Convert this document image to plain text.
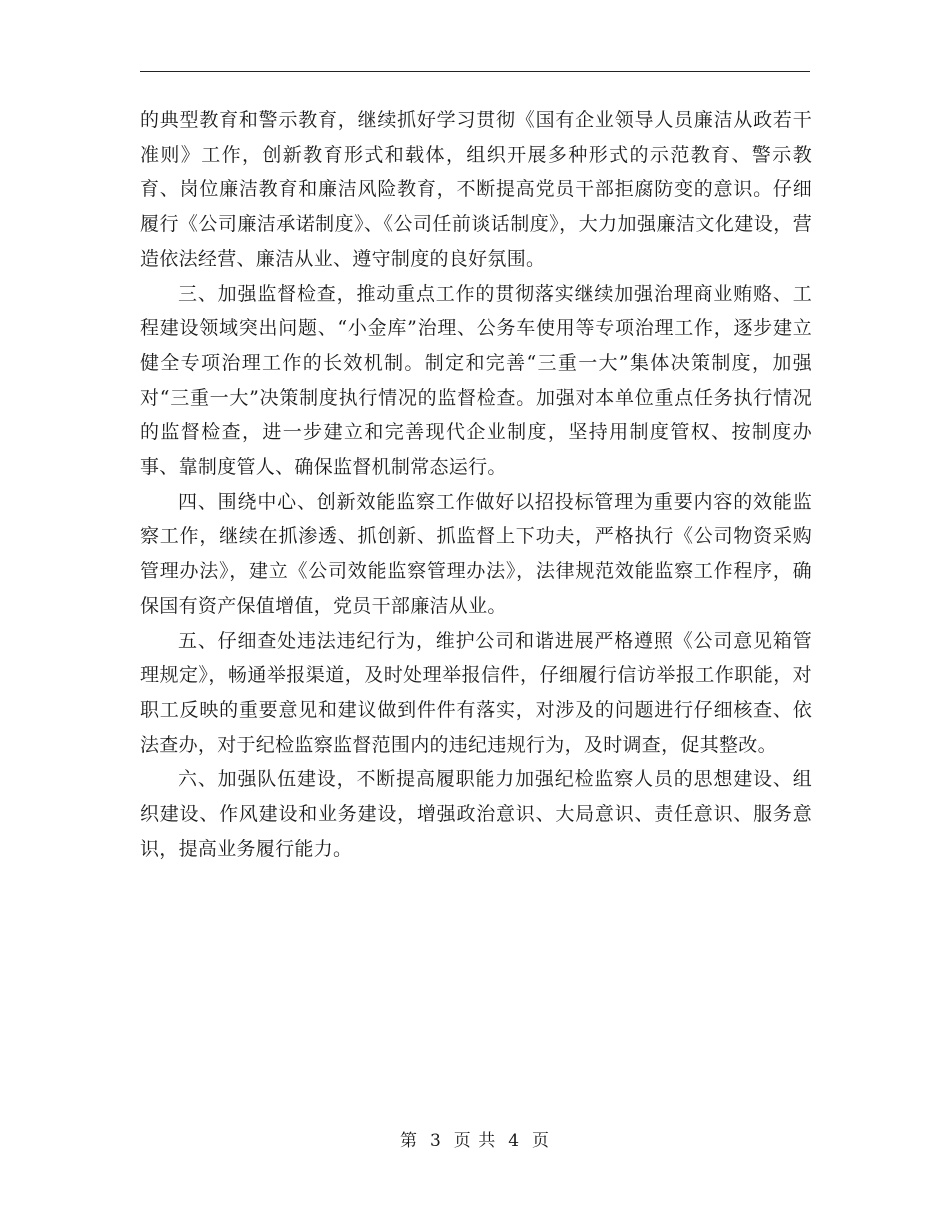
的典型教育和警示教育，继续抓好学习贯彻《国有企业领导人员廉洁从政若干准则》工作，创新教育形式和载体，组织开展多种形式的示范教育、警示教育、岗位廉洁教育和廉洁风险教育，不断提高党员干部拒腐防变的意识。仔细履行《公司廉洁承诺制度》、《公司任前谈话制度》，大力加强廉洁文化建设，营造依法经营、廉洁从业、遵守制度的良好氛围。

三、加强监督检查，推动重点工作的贯彻落实继续加强治理商业贿赂、工程建设领域突出问题、“小金库”治理、公务车使用等专项治理工作，逐步建立健全专项治理工作的长效机制。制定和完善“三重一大”集体决策制度，加强对“三重一大”决策制度执行情况的监督检查。加强对本单位重点任务执行情况的监督检查，进一步建立和完善现代企业制度，坚持用制度管权、按制度办事、靠制度管人、确保监督机制常态运行。

四、围绕中心、创新效能监察工作做好以招投标管理为重要内容的效能监察工作，继续在抓渗透、抓创新、抓监督上下功夫，严格执行《公司物资采购管理办法》，建立《公司效能监察管理办法》，法律规范效能监察工作程序，确保国有资产保值增值，党员干部廉洁从业。

五、仔细查处违法违纪行为，维护公司和谐进展严格遵照《公司意见箱管理规定》，畅通举报渠道，及时处理举报信件，仔细履行信访举报工作职能，对职工反映的重要意见和建议做到件件有落实，对涉及的问题进行仔细核查、依法查办，对于纪检监察监督范围内的违纪违规行为，及时调查，促其整改。

六、加强队伍建设，不断提高履职能力加强纪检监察人员的思想建设、组织建设、作风建设和业务建设，增强政治意识、大局意识、责任意识、服务意识，提高业务履行能力。

第 3 页 共 4 页
